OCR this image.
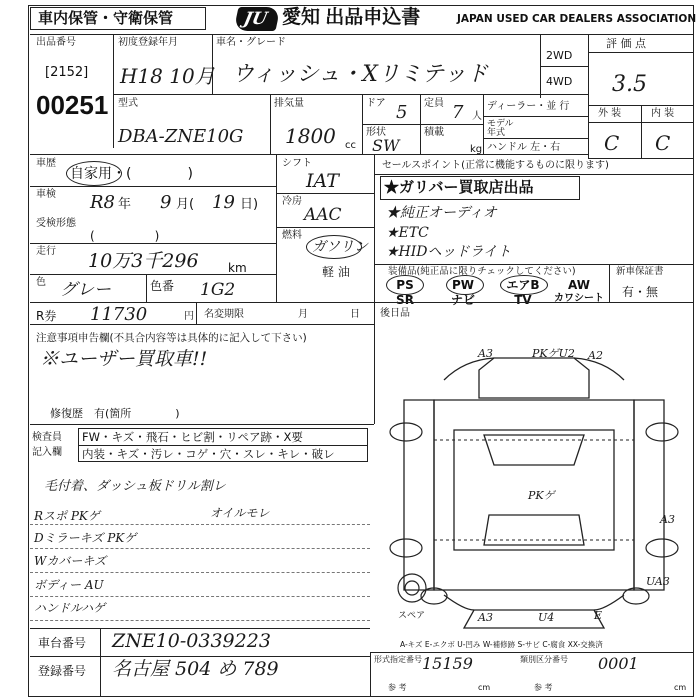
車内保管・守衛保管	JU 愛知 出品申込書	JAPAN USED CAR DEALERS ASSOCIATION
出品番号
[2152]
00251
初度登録年月
H18 10月
車名・グレード
ウィッシュ・Xリミテッド
2WD
4WD
評 価 点
3.5
外 装	内 装
C C
型式
DBA-ZNE10G
排気量
1800 cc
ドア 5 定員 7 人
形状
SW
積載
kg
ディーラー・並 行
モデル 年式
ハンドル 左・右
車歴
自家用・(　　　　)
車検 R8 年 9 月( 19 日)
受検形態
(　　　　　)
走行 10万3千296 km
色 グレー	色番 1G2
シフト
IAT
冷房
AAC
燃料
ガソリン
軽 油
セールスポイント(正常に機能するものに限ります)
★ガリバー買取店出品
★純正オーディオ
★ETC
★HIDヘッドライト
装備品(純正品に限りチェックしてください)	新車保証書
有・無
PS	PW	エアB	AW
SR	ナビ	TV	カワシート
R券 11730	円 名変期限	月	日 後日品
注意事項申告欄(不具合内容等は具体的に記入して下さい)
※ユーザー買取車!!
修復歴　有(箇所　　　　)
検査員
記入欄
FW・キズ・飛石・ヒビ割・リペア跡・X要
内装・キズ・汚レ・コゲ・穴・スレ・キレ・破レ
毛付着、ダッシュ板ドリル割レ
Rスポ PKゲ	オイルモレ
Dミラーキズ PKゲ
Wカバーキズ
ボディー AU
ハンドルハゲ
A3	PKゲU2 A2
PKゲ
A3
UA3
A3	U4	E
スペア
A-キズ E-エクボ U-凹み W-補修跡 S-サビ C-腐食 XX-交換済
車台番号 ZNE10-0339223
登録番号 名古屋 504 め 789	形式指定番号 15159	類別区分番号 0001
参 考	cm	参 考	cm
